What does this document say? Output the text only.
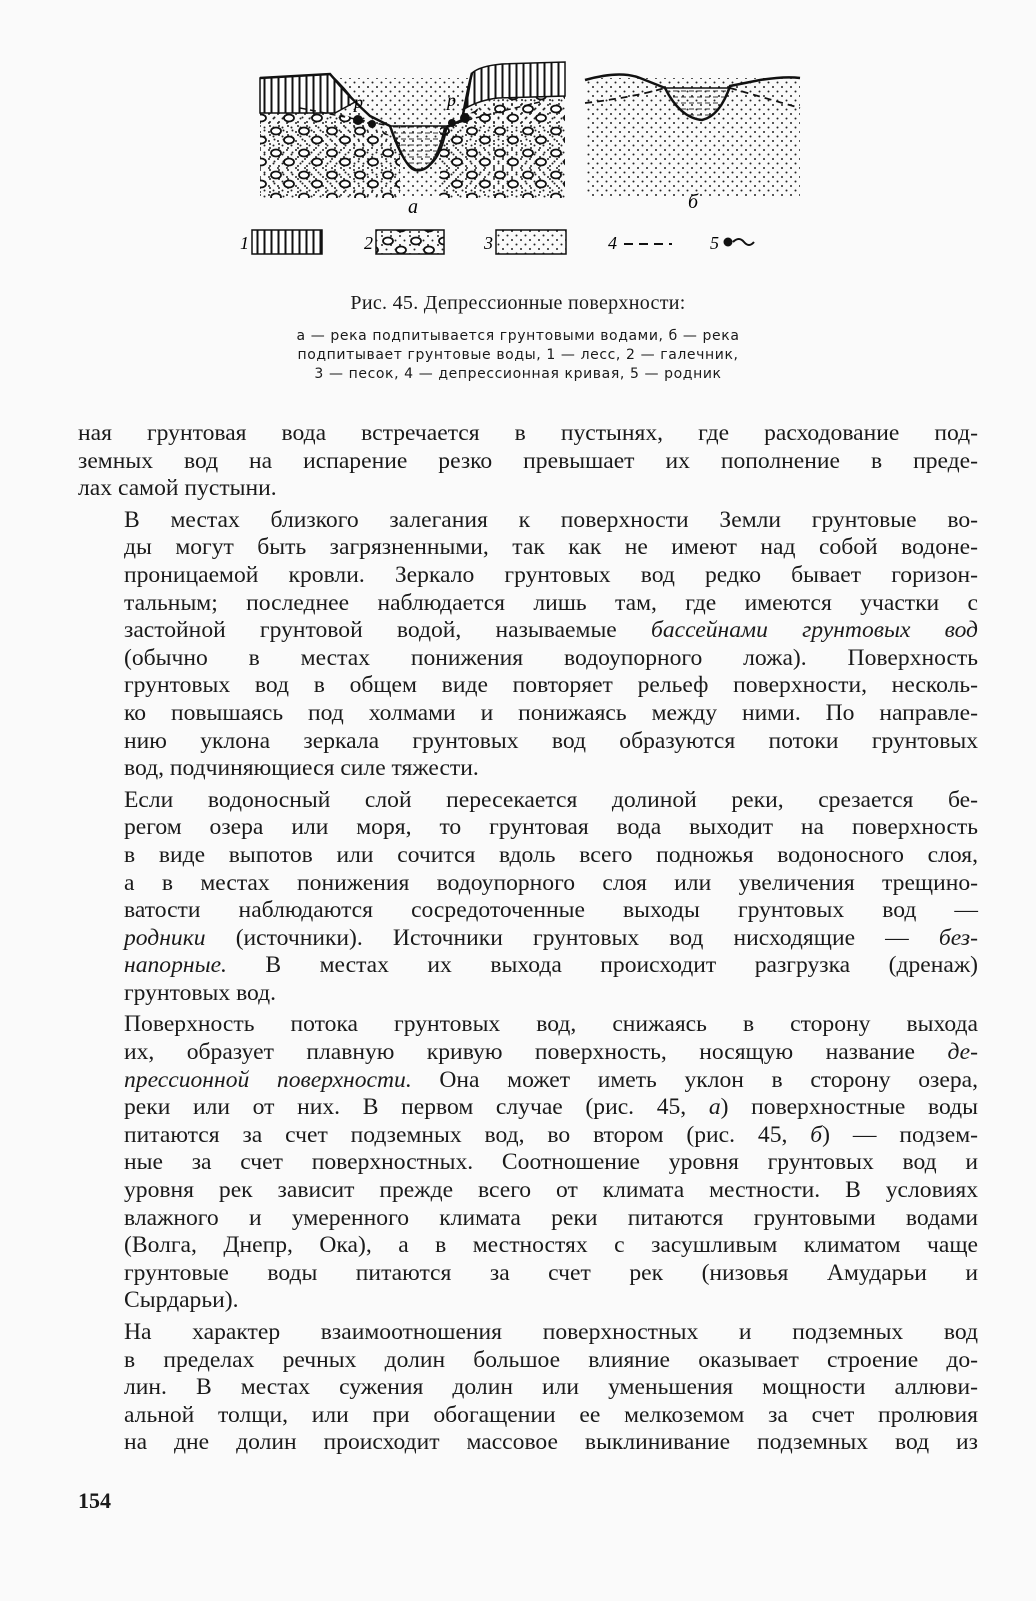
р	р
а	б
1	2	3	4	5
Рис. 45. Депрессионные поверхности:
а — река подпитывается грунтовыми водами, б — река
подпитывает грунтовые воды, 1 — лесс, 2 — галечник,
3 — песок, 4 — депрессионная кривая, 5 — родник

ная грунтовая вода встречается в пустынях, где расходование под-
земных вод на испарение резко превышает их пополнение в преде-
лах самой пустыни.

В местах близкого залегания к поверхности Земли грунтовые во-
ды могут быть загрязненными, так как не имеют над собой водоне-
проницаемой кровли. Зеркало грунтовых вод редко бывает горизон-
тальным; последнее наблюдается лишь там, где имеются участки с
застойной грунтовой водой, называемые бассейнами грунтовых вод
(обычно в местах понижения водоупорного ложа). Поверхность
грунтовых вод в общем виде повторяет рельеф поверхности, несколь-
ко повышаясь под холмами и понижаясь между ними. По направле-
нию уклона зеркала грунтовых вод образуются потоки грунтовых
вод, подчиняющиеся силе тяжести.

Если водоносный слой пересекается долиной реки, срезается бе-
регом озера или моря, то грунтовая вода выходит на поверхность
в виде выпотов или сочится вдоль всего подножья водоносного слоя,
а в местах понижения водоупорного слоя или увеличения трещино-
ватости наблюдаются сосредоточенные выходы грунтовых вод —
родники (источники). Источники грунтовых вод нисходящие — без-
напорные. В местах их выхода происходит разгрузка (дренаж)
грунтовых вод.

Поверхность потока грунтовых вод, снижаясь в сторону выхода
их, образует плавную кривую поверхность, носящую название де-
прессионной поверхности. Она может иметь уклон в сторону озера,
реки или от них. В первом случае (рис. 45, а) поверхностные воды
питаются за счет подземных вод, во втором (рис. 45, б) — подзем-
ные за счет поверхностных. Соотношение уровня грунтовых вод и
уровня рек зависит прежде всего от климата местности. В условиях
влажного и умеренного климата реки питаются грунтовыми водами
(Волга, Днепр, Ока), а в местностях с засушливым климатом чаще
грунтовые воды питаются за счет рек (низовья Амударьи и
Сырдарьи).

На характер взаимоотношения поверхностных и подземных вод
в пределах речных долин большое влияние оказывает строение до-
лин. В местах сужения долин или уменьшения мощности аллюви-
альной толщи, или при обогащении ее мелкоземом за счет пролювия
на дне долин происходит массовое выклинивание подземных вод из

154
